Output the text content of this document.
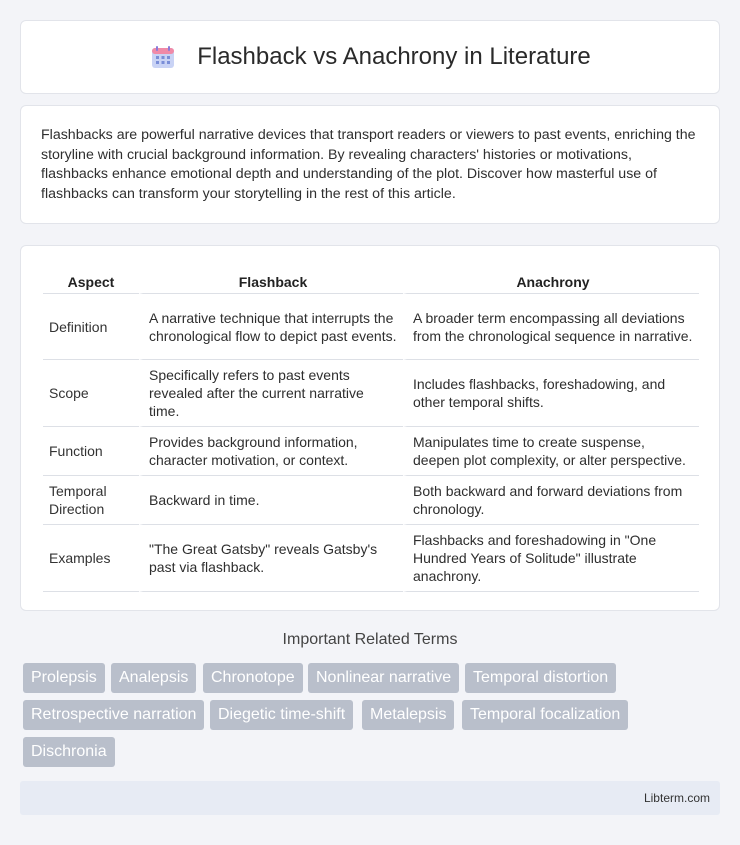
Flashback vs Anachrony in Literature

Flashbacks are powerful narrative devices that transport readers or viewers to past events, enriching the storyline with crucial background information. By revealing characters' histories or motivations, flashbacks enhance emotional depth and understanding of the plot. Discover how masterful use of flashbacks can transform your storytelling in the rest of this article.

Aspect	Flashback	Anachrony
Definition	A narrative technique that interrupts the chronological flow to depict past events.	A broader term encompassing all deviations from the chronological sequence in narrative.
Scope	Specifically refers to past events revealed after the current narrative time.	Includes flashbacks, foreshadowing, and other temporal shifts.
Function	Provides background information, character motivation, or context.	Manipulates time to create suspense, deepen plot complexity, or alter perspective.
Temporal Direction	Backward in time.	Both backward and forward deviations from chronology.
Examples	"The Great Gatsby" reveals Gatsby's past via flashback.	Flashbacks and foreshadowing in "One Hundred Years of Solitude" illustrate anachrony.
Important Related Terms
Prolepsis	Analepsis	Chronotope	Nonlinear narrative	Temporal distortion
Retrospective narration	Diegetic time-shift	Metalepsis	Temporal focalization
Dischronia
Libterm.com
